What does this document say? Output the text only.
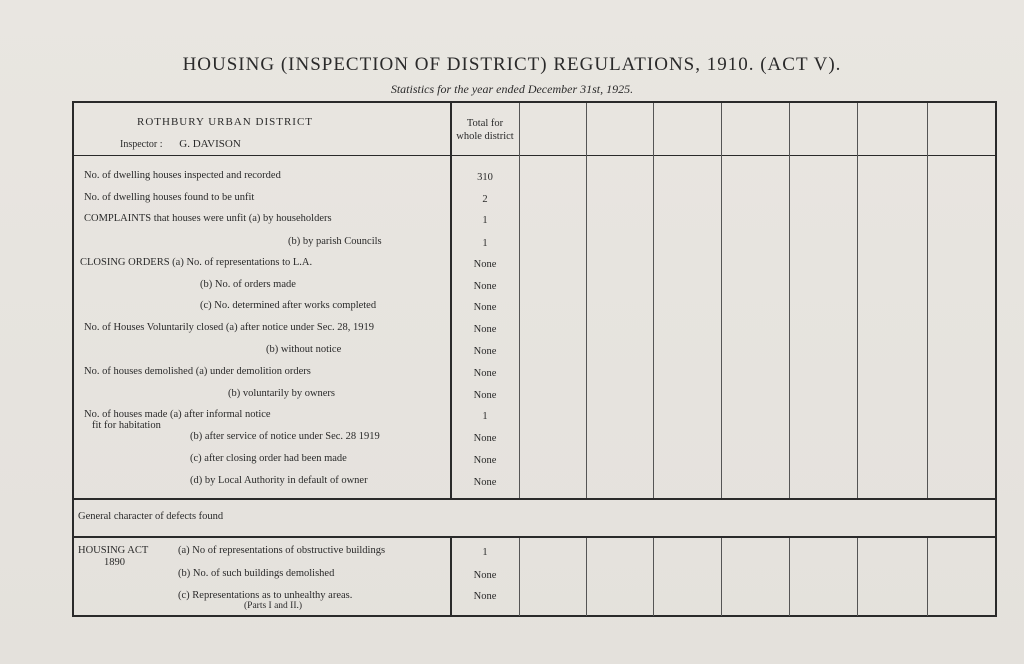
HOUSING (INSPECTION OF DISTRICT) REGULATIONS, 1910. (ACT V).
Statistics for the year ended December 31st, 1925.
ROTHBURY URBAN DISTRICT
Inspector : G. DAVISON
Total for
whole district
No. of dwelling houses inspected and recorded	310
No. of dwelling houses found to be unfit	2
COMPLAINTS that houses were unfit (a) by householders	1
(b) by parish Councils	1
CLOSING ORDERS (a) No. of representations to L.A.	None
(b) No. of orders made	None
(c) No. determined after works completed	None
No. of Houses Voluntarily closed (a) after notice under Sec. 28, 1919	None
(b) without notice	None
No. of houses demolished (a) under demolition orders	None
(b) voluntarily by owners	None
No. of houses made (a) after informal notice	1
fit for habitation
(b) after service of notice under Sec. 28 1919	None
(c) after closing order had been made	None
(d) by Local Authority in default of owner	None
General character of defects found
HOUSING ACT
1890
(a) No of representations of obstructive buildings	1
(b) No. of such buildings demolished	None
(c) Representations as to unhealthy areas.	None
(Parts I and II.)
